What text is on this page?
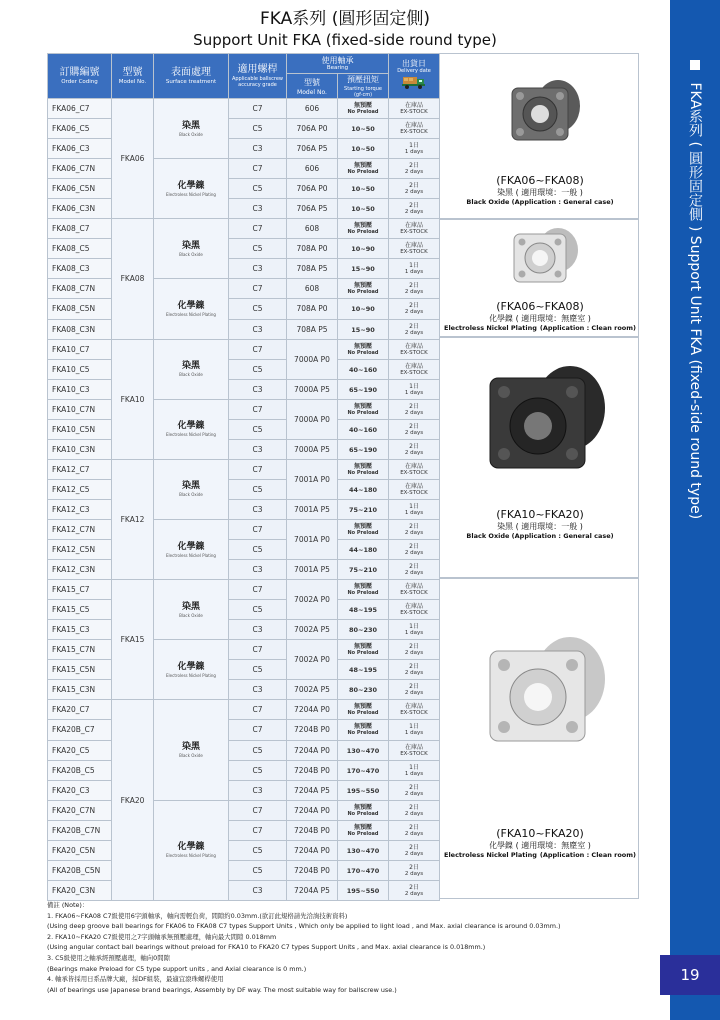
FKA系列 (圓形固定側)
Support Unit FKA (fixed-side round type)
FKA系列 ( 圓形固定側 ) Support Unit FKA (fixed-side round type)
19
訂購編號
Order Coding	型號
Model No.	表面處理
Surface treatment	適用螺桿
Applicable ballscrew accuracy grade	使用軸承
Bearing		出貨日
Delivery date

				型號
Model No.	預壓扭矩
Starting torque (gf·cm)	

FKA06_C7	FKA06	染黑
Black Oxide	C7	606	無預壓
No Preload	在庫品
EX-STOCK

FKA06_C5			C5	706A P0	10~50	在庫品
EX-STOCK

FKA06_C3			C3	706A P5	10~50	1日
1 days

FKA06_C7N		化學鎳
Electroless Nickel Plating	C7	606	無預壓
No Preload	2日
2 days

FKA06_C5N			C5	706A P0	10~50	2日
2 days

FKA06_C3N			C3	706A P5	10~50	2日
2 days

FKA08_C7	FKA08	染黑
Black Oxide	C7	608	無預壓
No Preload	在庫品
EX-STOCK

FKA08_C5			C5	708A P0	10~90	在庫品
EX-STOCK

FKA08_C3			C3	708A P5	15~90	1日
1 days

FKA08_C7N		化學鎳
Electroless Nickel Plating	C7	608	無預壓
No Preload	2日
2 days

FKA08_C5N			C5	708A P0	10~90	2日
2 days

FKA08_C3N			C3	708A P5	15~90	2日
2 days

FKA10_C7	FKA10	染黑
Black Oxide	C7	7000A P0	無預壓
No Preload	在庫品
EX-STOCK

FKA10_C5			C5		40~160	在庫品
EX-STOCK

FKA10_C3			C3	7000A P5	65~190	1日
1 days

FKA10_C7N		化學鎳
Electroless Nickel Plating	C7	7000A P0	無預壓
No Preload	2日
2 days

FKA10_C5N			C5		40~160	2日
2 days

FKA10_C3N			C3	7000A P5	65~190	2日
2 days

FKA12_C7	FKA12	染黑
Black Oxide	C7	7001A P0	無預壓
No Preload	在庫品
EX-STOCK

FKA12_C5			C5		44~180	在庫品
EX-STOCK

FKA12_C3			C3	7001A P5	75~210	1日
1 days

FKA12_C7N		化學鎳
Electroless Nickel Plating	C7	7001A P0	無預壓
No Preload	2日
2 days

FKA12_C5N			C5		44~180	2日
2 days

FKA12_C3N			C3	7001A P5	75~210	2日
2 days

FKA15_C7	FKA15	染黑
Black Oxide	C7	7002A P0	無預壓
No Preload	在庫品
EX-STOCK

FKA15_C5			C5		48~195	在庫品
EX-STOCK

FKA15_C3			C3	7002A P5	80~230	1日
1 days

FKA15_C7N		化學鎳
Electroless Nickel Plating	C7	7002A P0	無預壓
No Preload	2日
2 days

FKA15_C5N			C5		48~195	2日
2 days

FKA15_C3N			C3	7002A P5	80~230	2日
2 days

FKA20_C7	FKA20	染黑
Black Oxide	C7	7204A P0	無預壓
No Preload	在庫品
EX-STOCK

FKA20B_C7			C7	7204B P0	無預壓
No Preload	1日
1 days

FKA20_C5			C5	7204A P0	130~470	在庫品
EX-STOCK

FKA20B_C5			C5	7204B P0	170~470	1日
1 days

FKA20_C3			C3	7204A P5	195~550	2日
2 days

FKA20_C7N		化學鎳
Electroless Nickel Plating	C7	7204A P0	無預壓
No Preload	2日
2 days

FKA20B_C7N			C7	7204B P0	無預壓
No Preload	2日
2 days

FKA20_C5N			C5	7204A P0	130~470	2日
2 days

FKA20B_C5N			C5	7204B P0	170~470	2日
2 days

FKA20_C3N			C3	7204A P5	195~550	2日
2 days
(FKA06~FKA08)
染黑 ( 適用環境：一般 )
Black Oxide (Application : General case)
(FKA06~FKA08)
化學鎳 ( 適用環境：無塵室 )
Electroless Nickel Plating (Application : Clean room)
(FKA10~FKA20)
染黑 ( 適用環境：一般 )
Black Oxide (Application : General case)
(FKA10~FKA20)
化學鎳 ( 適用環境：無塵室 )
Electroless Nickel Plating (Application : Clean room)
備註 (Note)：
1. FKA06~FKA08 C7級使用6字頭軸承，軸向需輕負荷，間隙約0.03mm.(欲訂此規格請先洽詢技術資料)
(Using deep groove ball bearings for FKA06 to FKA08 C7 types Support Units , Which only be applied to light load , and Max. axial clearance is around 0.03mm.)
2. FKA10~FKA20 C7級使用之7字頭軸承無預壓處理，軸向最大間隙 0.018mm
(Using angular contact ball bearings without preload for FKA10 to FKA20 C7 types Support Units , and Max. axial clearance is 0.018mm.)
3. C5級使用之軸承經預壓處理，軸向0間隙
(Bearings make Preload for C5 type support units , and Axial clearance is 0 mm.)
4. 軸承皆採用日系品牌大廠，採DF組裝，最適宜滾珠螺桿使用
(All of bearings use Japanese brand bearings, Assembly by DF way. The most suitable way for ballscrew use.)
